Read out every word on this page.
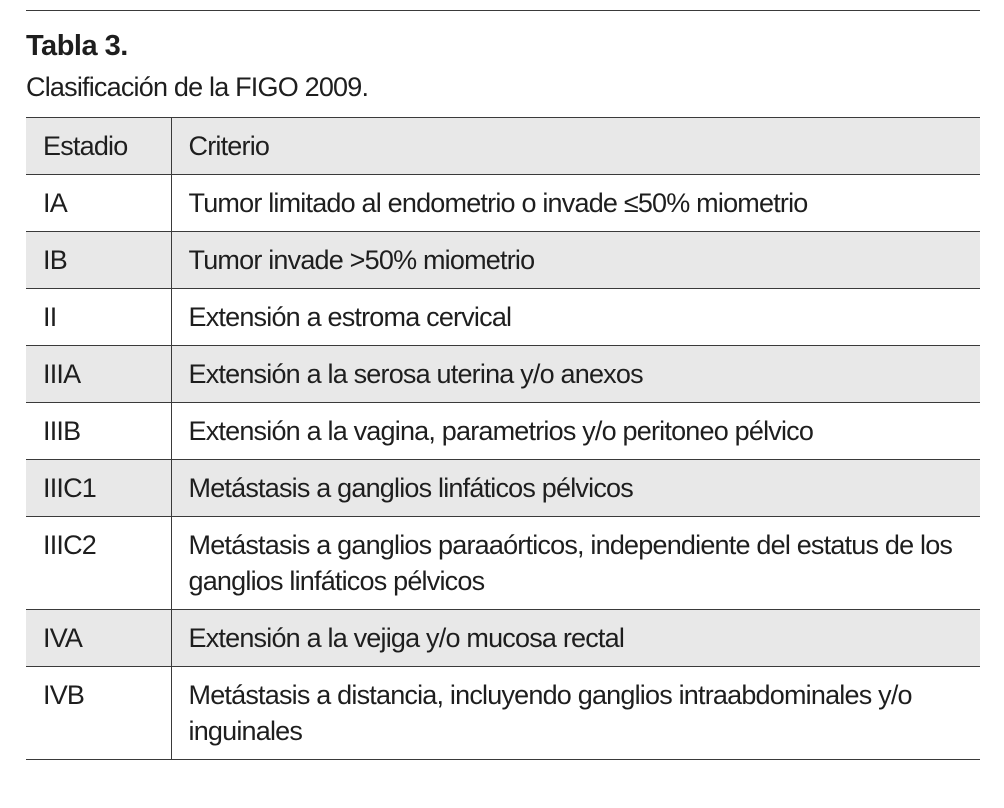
Tabla 3.
Clasificación de la FIGO 2009.
Estadio	Criterio
IA	Tumor limitado al endometrio o invade ≤50% miometrio
IB	Tumor invade >50% miometrio
II	Extensión a estroma cervical
IIIA	Extensión a la serosa uterina y/o anexos
IIIB	Extensión a la vagina, parametrios y/o peritoneo pélvico
IIIC1	Metástasis a ganglios linfáticos pélvicos
IIIC2	Metástasis a ganglios paraaórticos, independiente del estatus de los ganglios linfáticos pélvicos
IVA	Extensión a la vejiga y/o mucosa rectal
IVB	Metástasis a distancia, incluyendo ganglios intraabdominales y/o inguinales
